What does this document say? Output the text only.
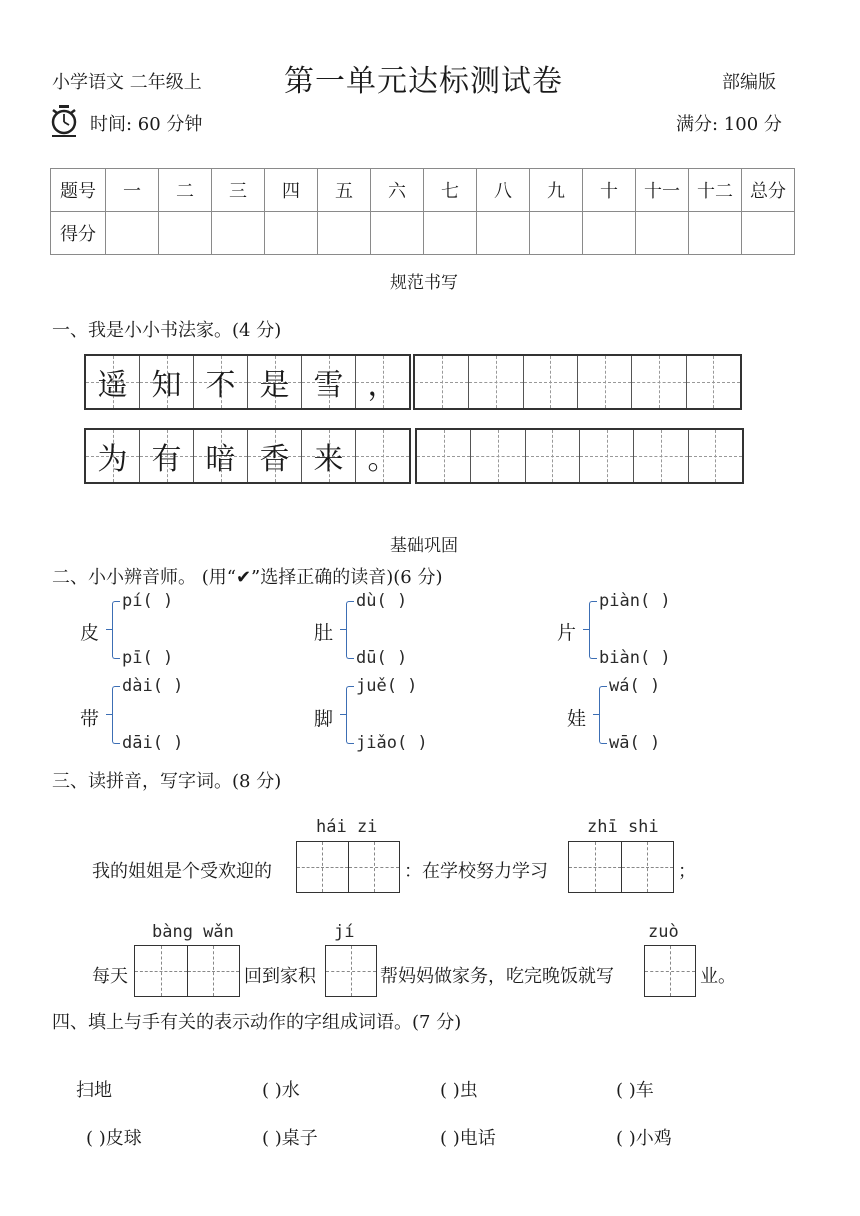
小学语文 二年级上	第一单元达标测试卷	部编版
时间: 60 分钟	满分: 100 分
题号	一	二	三	四	五	六	七	八	九	十	十一	十二	总分
得分													
规范书写
一、我是小小书法家。(4 分)
遥 知 不 是 雪 ，
为 有 暗 香 来 。
基础巩固
二、小小辨音师。 (用“✔”选择正确的读音)(6 分)
皮
pí( )
pī( )
肚
dù( )
dū( )
片
piàn( )
biàn( )
带
dài( )
dāi( )
脚
juě( )
jiǎo( )
娃
wá( )
wā( )
三、读拼音，写字词。(8 分)
hái zi
我的姐姐是个受欢迎的	：在学校努力学习
zhī shi
；
bàng wǎn
每天	回到家积
jí
帮妈妈做家务，吃完晚饭就写
zuò
业。
四、填上与手有关的表示动作的字组成词语。(7 分)
扫地	( )水	( )虫	( )车
( )皮球	( )桌子	( )电话	( )小鸡
